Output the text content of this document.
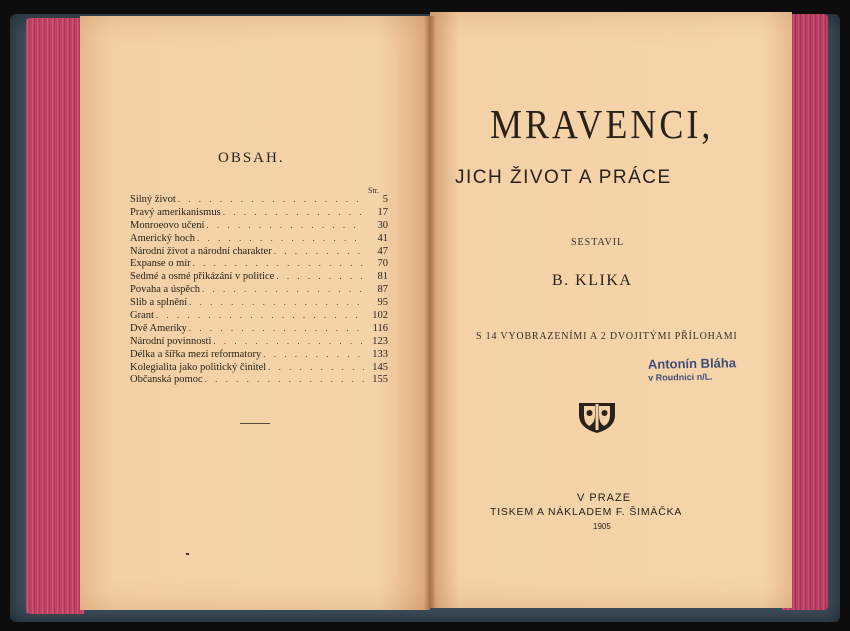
OBSAH.
Str.
Silný život . . .	5
Pravý amerikanismus . . .	17
Monroeovo učení . . .	30
Americký hoch . . .	41
Národní život a národní charakter . . .	47
Expanse o mír . . .	70
Sedmé a osmé přikázání v politice . . .	81
Povaha a úspěch . . .	87
Slib a splnění . . .	95
Grant . . .	102
Dvě Ameriky . . .	116
Národní povinnosti . . .	123
Délka a šířka mezi reformatory . . .	133
Kolegialita jako politický činitel . . .	145
Občanská pomoc . . .	155
MRAVENCI,
JICH ŽIVOT A PRÁCE
SESTAVIL
B. KLIKA
S 14 VYOBRAZENÍMI A 2 DVOJITÝMI PŘÍLOHAMI
Antonín Bláha
v Roudnici n/L.
V PRAZE
TISKEM A NÁKLADEM F. ŠIMÁČKA
1905
